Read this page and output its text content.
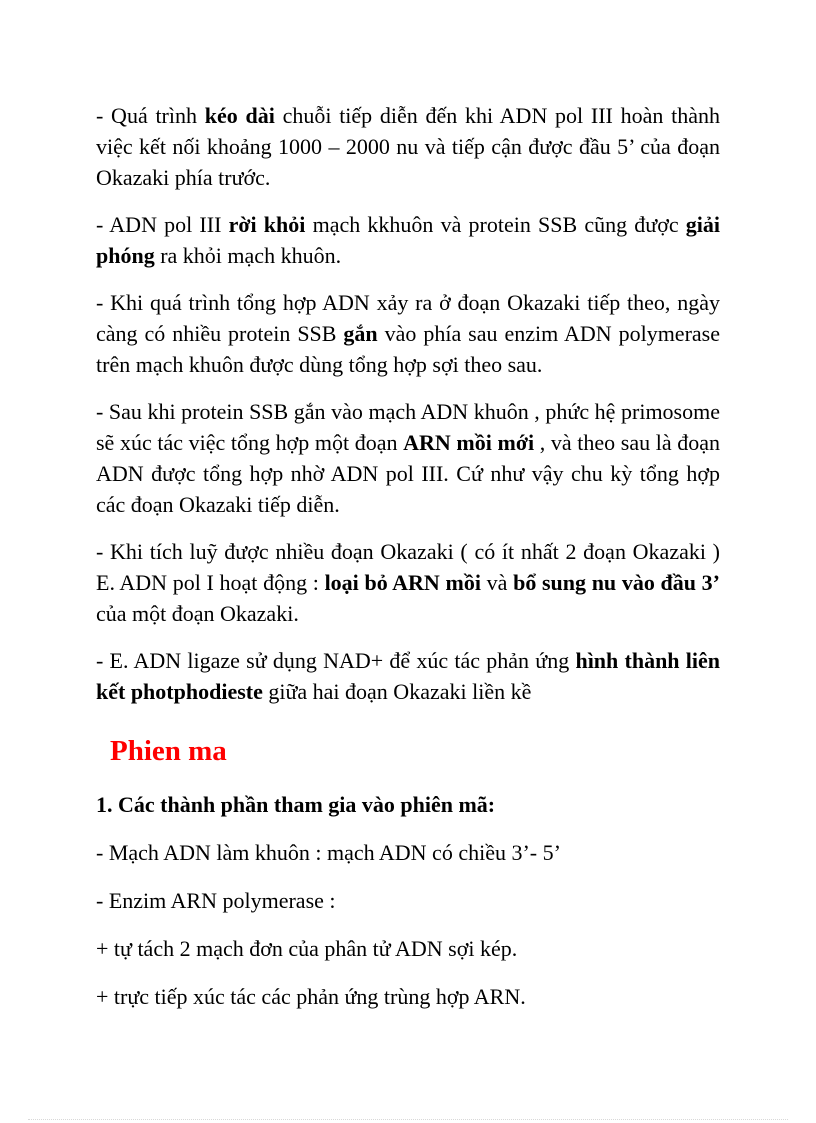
- Quá trình kéo dài chuỗi tiếp diễn đến khi ADN pol III hoàn thành việc kết nối khoảng 1000 – 2000 nu và tiếp cận được đầu 5’ của đoạn Okazaki phía trước.

- ADN pol III rời khỏi mạch kkhuôn và protein SSB cũng được giải phóng ra khỏi mạch khuôn.

- Khi quá trình tổng hợp ADN xảy ra ở đoạn Okazaki tiếp theo, ngày càng có nhiều protein SSB gắn vào phía sau enzim ADN polymerase trên mạch khuôn được dùng tổng hợp sợi theo sau.

- Sau khi protein SSB gắn vào mạch ADN khuôn , phức hệ primosome sẽ xúc tác việc tổng hợp một đoạn ARN mồi mới , và theo sau là đoạn ADN được tổng hợp nhờ ADN pol III. Cứ như vậy chu kỳ tổng hợp các đoạn Okazaki tiếp diễn.

- Khi tích luỹ được nhiều đoạn Okazaki ( có ít nhất 2 đoạn Okazaki ) E. ADN pol I hoạt động : loại bỏ ARN mồi và bổ sung nu vào đầu 3’ của một đoạn Okazaki.

- E. ADN ligaze sử dụng NAD+ để xúc tác phản ứng hình thành liên kết photphodieste giữa hai đoạn Okazaki liền kề

Phien ma
1. Các thành phần tham gia vào phiên mã:
- Mạch ADN làm khuôn : mạch ADN có chiều 3’- 5’
- Enzim ARN polymerase :
+ tự tách 2 mạch đơn của phân tử ADN sợi kép.
+ trực tiếp xúc tác các phản ứng trùng hợp ARN.
